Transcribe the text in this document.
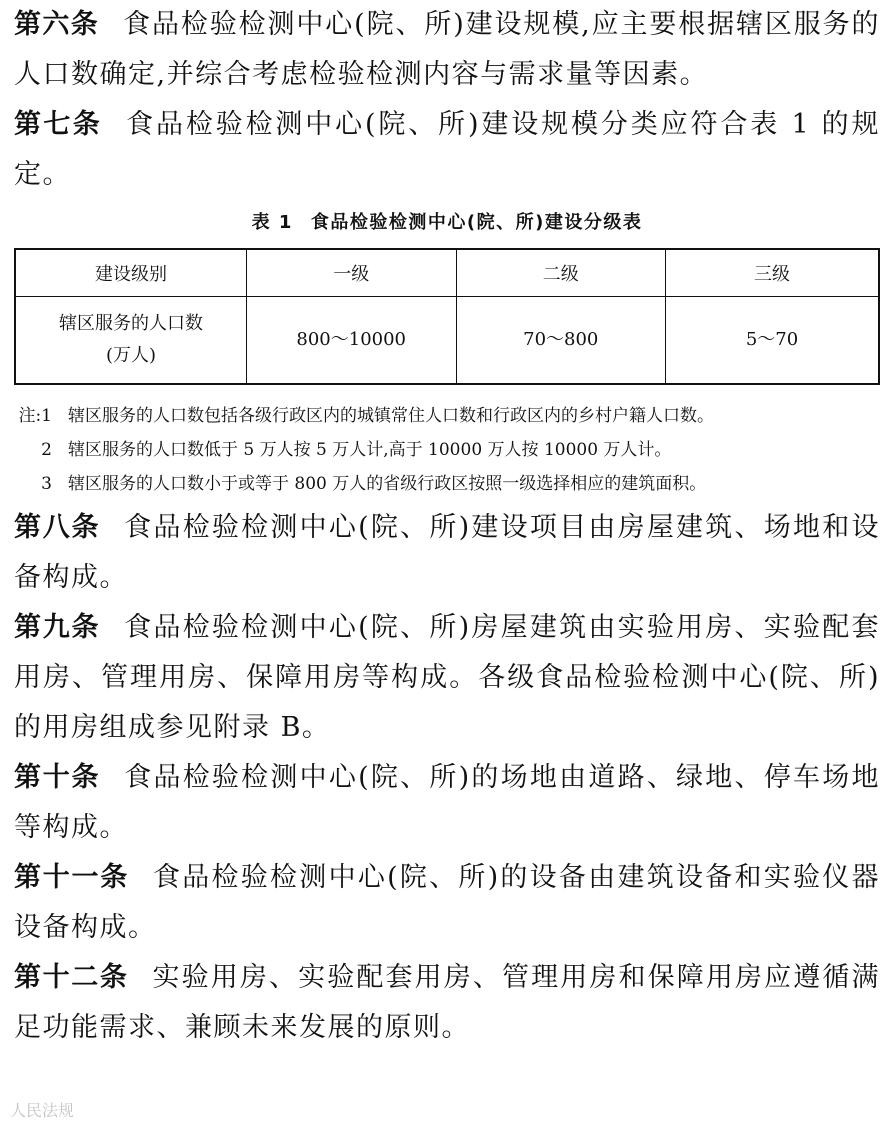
第六条 食品检验检测中心(院、所)建设规模,应主要根据辖区服务的人口数确定,并综合考虑检验检测内容与需求量等因素。

第七条 食品检验检测中心(院、所)建设规模分类应符合表 1 的规定。

表 1 食品检验检测中心(院、所)建设分级表
建设级别	一级	二级	三级

辖区服务的人口数
(万人)	800～10000	70～800	5～70
注:1 辖区服务的人口数包括各级行政区内的城镇常住人口数和行政区内的乡村户籍人口数。
2 辖区服务的人口数低于 5 万人按 5 万人计,高于 10000 万人按 10000 万人计。
3 辖区服务的人口数小于或等于 800 万人的省级行政区按照一级选择相应的建筑面积。

第八条 食品检验检测中心(院、所)建设项目由房屋建筑、场地和设备构成。

第九条 食品检验检测中心(院、所)房屋建筑由实验用房、实验配套用房、管理用房、保障用房等构成。各级食品检验检测中心(院、所)的用房组成参见附录 B。

第十条 食品检验检测中心(院、所)的场地由道路、绿地、停车场地等构成。

第十一条 食品检验检测中心(院、所)的设备由建筑设备和实验仪器设备构成。

第十二条 实验用房、实验配套用房、管理用房和保障用房应遵循满足功能需求、兼顾未来发展的原则。

人民法规
